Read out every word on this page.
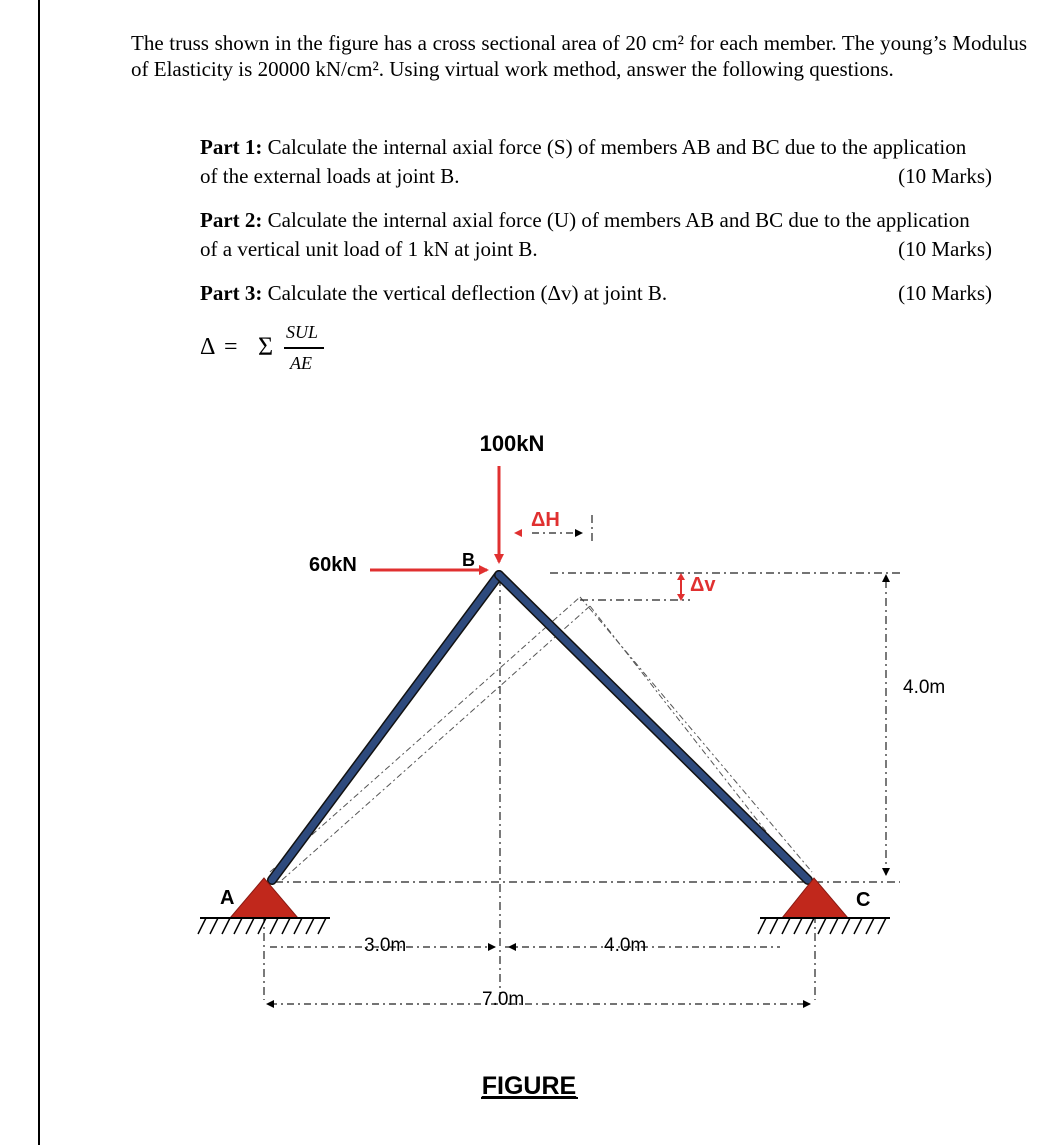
The truss shown in the figure has a cross sectional area of 20 cm² for each member. The young’s Modulus of Elasticity is 20000 kN/cm². Using virtual work method, answer the following questions.
Part 1: Calculate the internal axial force (S) of members AB and BC due to the application
of the external loads at joint B.	(10 Marks)
Part 2: Calculate the internal axial force (U) of members AB and BC due to the application
of a vertical unit load of 1 kN at joint B.	(10 Marks)
Part 3: Calculate the vertical deflection (Δv) at joint B.	(10 Marks)
Δ = Σ SUL
AE
100kN
60kN
ΔH
Δv
B
A	C
4.0m
3.0m	4.0m
7.0m
FIGURE
